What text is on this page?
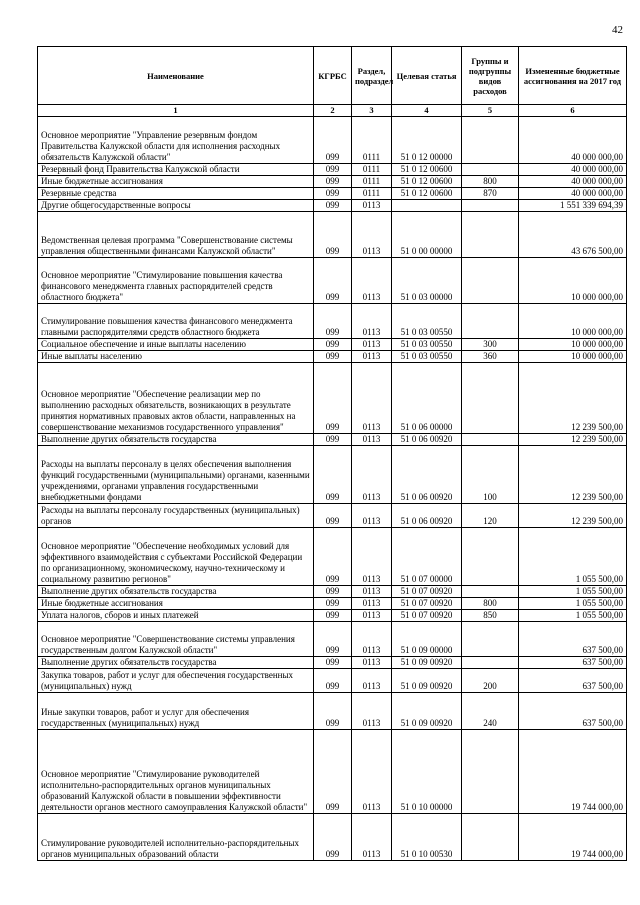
42
Наименование	КГРБС	Раздел, подраздел	Целевая статья	Группы и подгруппы видов расходов	Измененные бюджетные ассигнования на 2017 год
1	2	3	4	5	6
Основное мероприятие "Управление резервным фондом Правительства Калужской области для исполнения расходных обязательств Калужской области"	099	0111	51 0 12 00000		40 000 000,00
Резервный фонд Правительства Калужской области	099	0111	51 0 12 00600		40 000 000,00
Иные бюджетные ассигнования	099	0111	51 0 12 00600	800	40 000 000,00
Резервные средства	099	0111	51 0 12 00600	870	40 000 000,00
Другие общегосударственные вопросы	099	0113			1 551 339 694,39
Ведомственная целевая программа "Совершенствование системы управления общественными финансами Калужской области"	099	0113	51 0 00 00000		43 676 500,00
Основное мероприятие "Стимулирование повышения качества финансового менеджмента главных распорядителей средств областного бюджета"	099	0113	51 0 03 00000		10 000 000,00
Стимулирование повышения качества финансового менеджмента главными распорядителями средств областного бюджета	099	0113	51 0 03 00550		10 000 000,00
Социальное обеспечение и иные выплаты населению	099	0113	51 0 03 00550	300	10 000 000,00
Иные выплаты населению	099	0113	51 0 03 00550	360	10 000 000,00
Основное мероприятие "Обеспечение реализации мер по выполнению расходных обязательств, возникающих в результате принятия нормативных правовых актов области, направленных на совершенствование механизмов государственного управления"	099	0113	51 0 06 00000		12 239 500,00
Выполнение других обязательств государства	099	0113	51 0 06 00920		12 239 500,00
Расходы на выплаты персоналу в целях обеспечения выполнения функций государственными (муниципальными) органами, казенными учреждениями, органами управления государственными внебюджетными фондами	099	0113	51 0 06 00920	100	12 239 500,00
Расходы на выплаты персоналу государственных (муниципальных) органов	099	0113	51 0 06 00920	120	12 239 500,00
Основное мероприятие "Обеспечение необходимых условий для эффективного взаимодействия с субъектами Российской Федерации по организационному, экономическому, научно-техническому и социальному развитию регионов"	099	0113	51 0 07 00000		1 055 500,00
Выполнение других обязательств государства	099	0113	51 0 07 00920		1 055 500,00
Иные бюджетные ассигнования	099	0113	51 0 07 00920	800	1 055 500,00
Уплата налогов, сборов и иных платежей	099	0113	51 0 07 00920	850	1 055 500,00
Основное мероприятие "Совершенствование системы управления государственным долгом Калужской области"	099	0113	51 0 09 00000		637 500,00
Выполнение других обязательств государства	099	0113	51 0 09 00920		637 500,00
Закупка товаров, работ и услуг для обеспечения государственных (муниципальных) нужд	099	0113	51 0 09 00920	200	637 500,00
Иные закупки товаров, работ и услуг для обеспечения государственных (муниципальных) нужд	099	0113	51 0 09 00920	240	637 500,00
Основное мероприятие "Стимулирование руководителей исполнительно-распорядительных органов муниципальных образований Калужской области в повышении эффективности деятельности органов местного самоуправления Калужской области"	099	0113	51 0 10 00000		19 744 000,00
Стимулирование руководителей исполнительно-распорядительных органов муниципальных образований области	099	0113	51 0 10 00530		19 744 000,00
